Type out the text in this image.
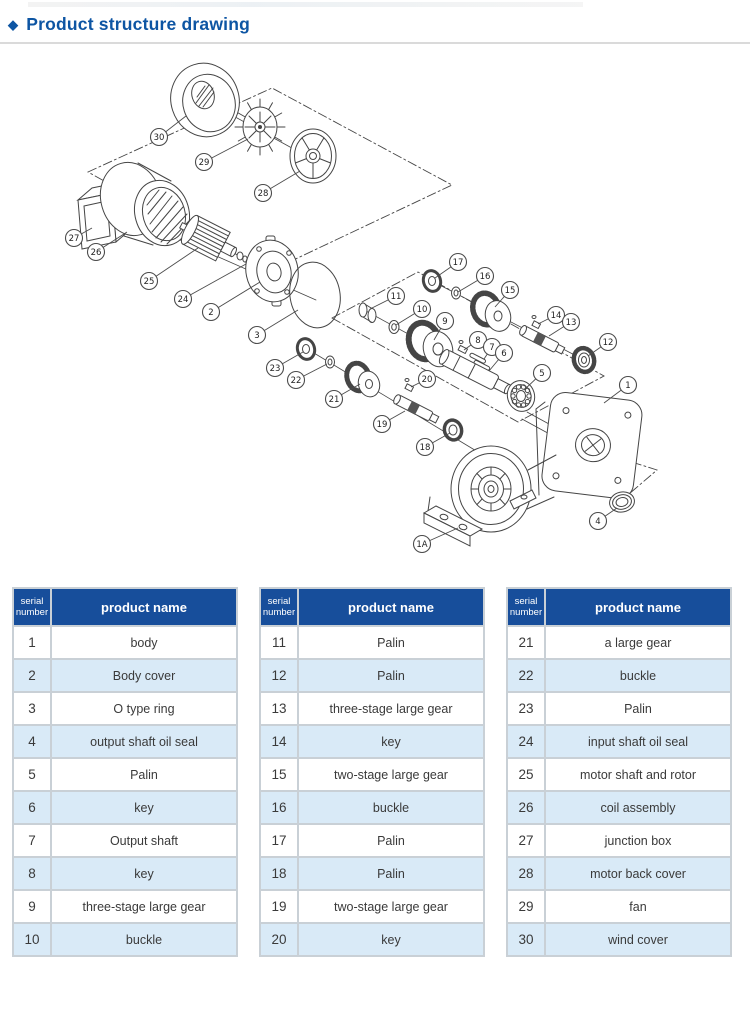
◆ Product structure drawing
30
29
28
27
26
25
24
2
3
23
22
21
20
19
18
1A
4
1
17
16
15
14
13
12
11
10
9
8
7
6
5
serial number	product name
1	body
2	Body cover
3	O type ring
4	output shaft oil seal
5	Palin
6	key
7	Output shaft
8	key
9	three-stage large gear
10	buckle
serial number	product name
11	Palin
12	Palin
13	three-stage large gear
14	key
15	two-stage large gear
16	buckle
17	Palin
18	Palin
19	two-stage large gear
20	key
serial number	product name
21	a large gear
22	buckle
23	Palin
24	input shaft oil seal
25	motor shaft and rotor
26	coil assembly
27	junction box
28	motor back cover
29	fan
30	wind cover
